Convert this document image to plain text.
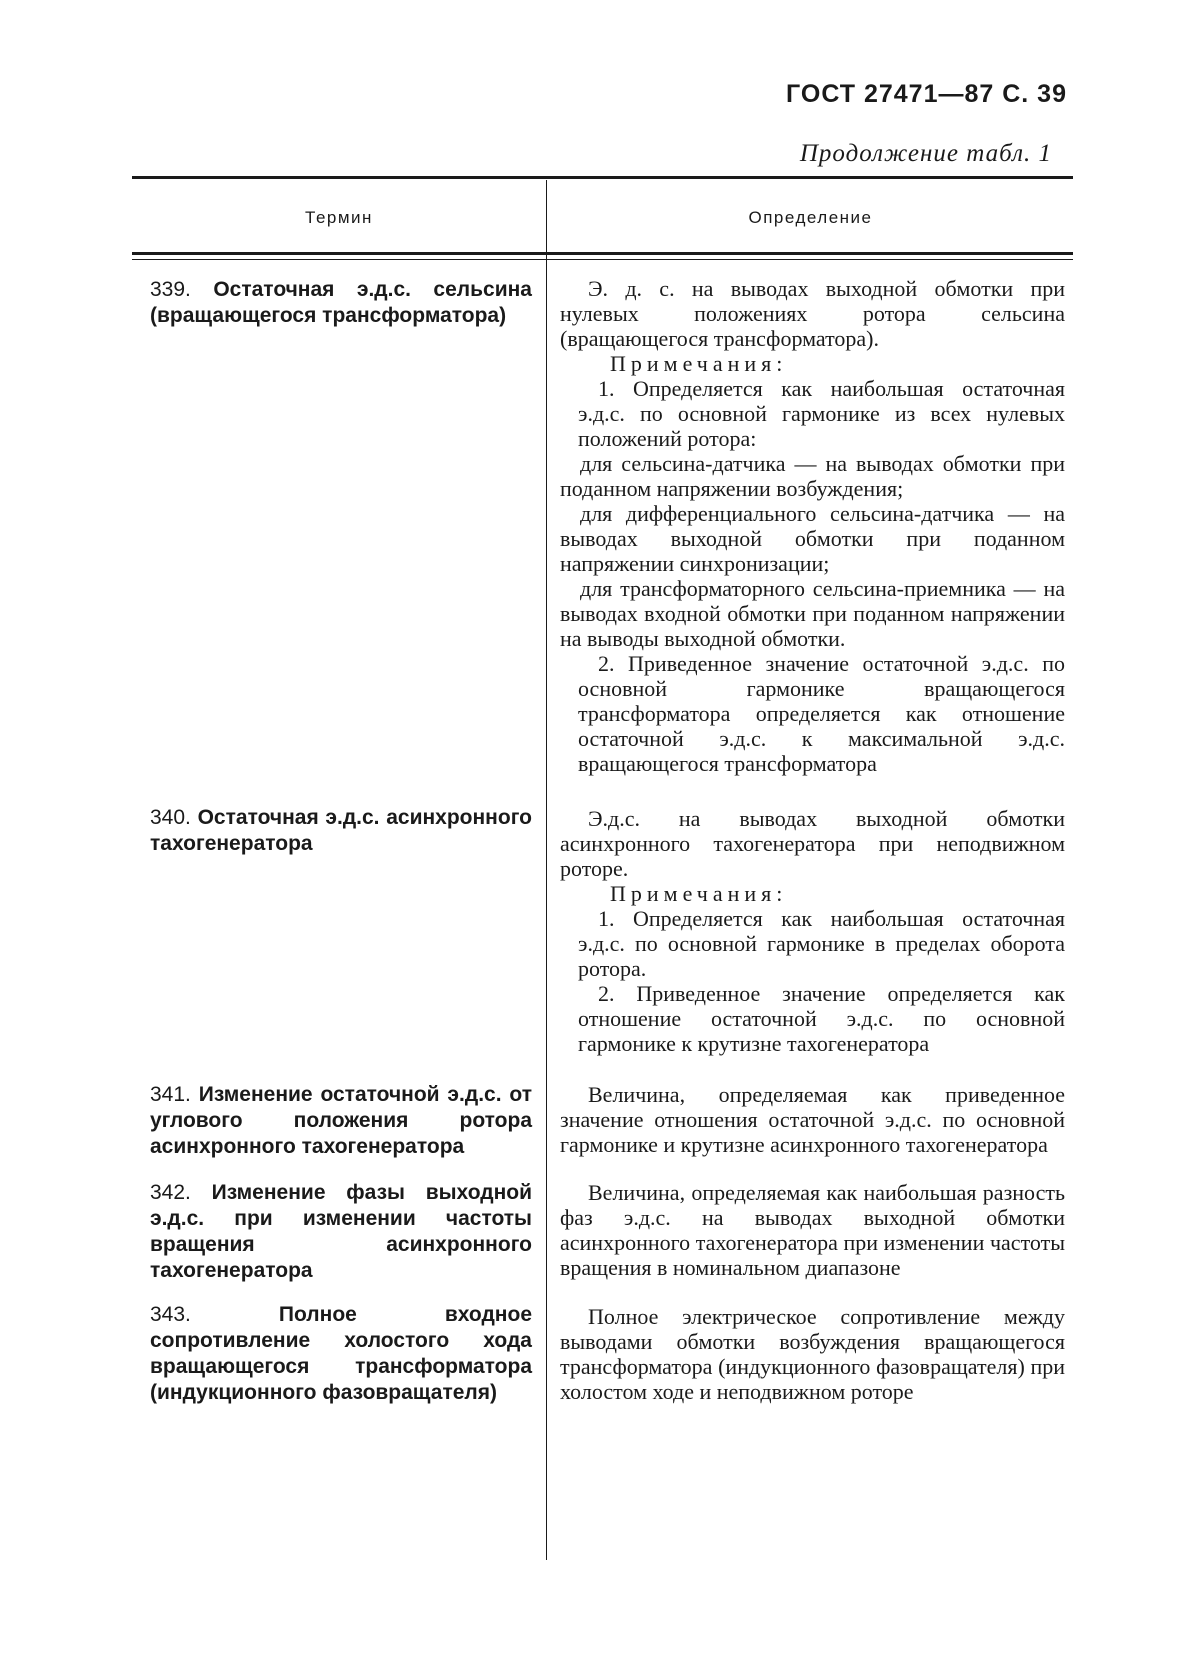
ГОСТ 27471—87 С. 39
Продолжение табл. 1
Термин	Определение
339. Остаточная э.д.с. сельсина (вращающегося трансформатора)

Э. д. с. на выводах выходной обмотки при нулевых положениях ротора сельсина (вращающегося трансформатора).

Примечания:

1. Определяется как наибольшая остаточная э.д.с. по основной гармонике из всех нулевых положений ротора:

для сельсина-датчика — на выводах обмотки при поданном напряжении возбуждения;

для дифференциального сельсина-датчика — на выводах выходной обмотки при поданном напряжении синхронизации;

для трансформаторного сельсина-приемника — на выводах входной обмотки при поданном напряжении на выводы выходной обмотки.

2. Приведенное значение остаточной э.д.с. по основной гармонике вращающегося трансформатора определяется как отношение остаточной э.д.с. к максимальной э.д.с. вращающегося трансформатора

340. Остаточная э.д.с. асинхронного тахогенератора

Э.д.с. на выводах выходной обмотки асинхронного тахогенератора при неподвижном роторе.

Примечания:

1. Определяется как наибольшая остаточная э.д.с. по основной гармонике в пределах оборота ротора.

2. Приведенное значение определяется как отношение остаточной э.д.с. по основной гармонике к крутизне тахогенератора

341. Изменение остаточной э.д.с. от углового положения ротора асинхронного тахогенератора

Величина, определяемая как приведенное значение отношения остаточной э.д.с. по основной гармонике и крутизне асинхронного тахогенератора

342. Изменение фазы выходной э.д.с. при изменении частоты вращения асинхронного тахогенератора

Величина, определяемая как наибольшая разность фаз э.д.с. на выводах выходной обмотки асинхронного тахогенератора при изменении частоты вращения в номинальном диапазоне

343.	Полное входное сопротивление холостого хода вращающегося трансформатора (индукционного фазовращателя)

Полное электрическое сопротивление между выводами обмотки возбуждения вращающегося трансформатора (индукционного фазовращателя) при холостом ходе и неподвижном роторе
